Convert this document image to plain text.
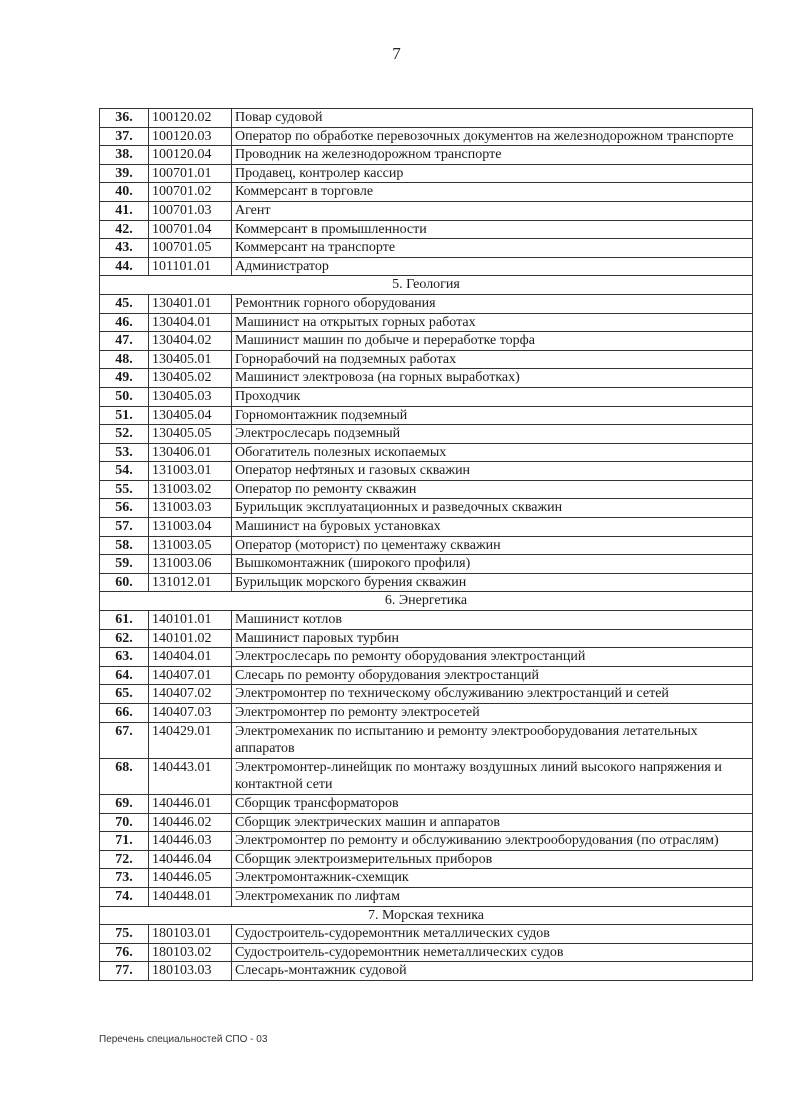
7
36.	100120.02	Повар судовой
37.	100120.03	Оператор по обработке перевозочных документов на железнодорожном транспорте
38.	100120.04	Проводник на железнодорожном транспорте
39.	100701.01	Продавец, контролер кассир
40.	100701.02	Коммерсант в торговле
41.	100701.03	Агент
42.	100701.04	Коммерсант в промышленности
43.	100701.05	Коммерсант на транспорте
44.	101101.01	Администратор
5. Геология		
45.	130401.01	Ремонтник горного оборудования
46.	130404.01	Машинист на открытых горных работах
47.	130404.02	Машинист машин по добыче и переработке торфа
48.	130405.01	Горнорабочий на подземных работах
49.	130405.02	Машинист электровоза (на горных выработках)
50.	130405.03	Проходчик
51.	130405.04	Горномонтажник подземный
52.	130405.05	Электрослесарь подземный
53.	130406.01	Обогатитель полезных ископаемых
54.	131003.01	Оператор нефтяных и газовых скважин
55.	131003.02	Оператор по ремонту скважин
56.	131003.03	Бурильщик эксплуатационных и разведочных скважин
57.	131003.04	Машинист на буровых установках
58.	131003.05	Оператор (моторист) по цементажу скважин
59.	131003.06	Вышкомонтажник (широкого профиля)
60.	131012.01	Бурильщик морского бурения скважин
6. Энергетика		
61.	140101.01	Машинист котлов
62.	140101.02	Машинист паровых турбин
63.	140404.01	Электрослесарь по ремонту оборудования электростанций
64.	140407.01	Слесарь по ремонту оборудования электростанций
65.	140407.02	Электромонтер по техническому обслуживанию электростанций и сетей
66.	140407.03	Электромонтер по ремонту электросетей
67.	140429.01	Электромеханик по испытанию и ремонту электрооборудования летательных аппаратов
68.	140443.01	Электромонтер-линейщик по монтажу воздушных линий высокого напряжения и контактной сети
69.	140446.01	Сборщик трансформаторов
70.	140446.02	Сборщик электрических машин и аппаратов
71.	140446.03	Электромонтер по ремонту и обслуживанию электрооборудования (по отраслям)
72.	140446.04	Сборщик электроизмерительных приборов
73.	140446.05	Электромонтажник-схемщик
74.	140448.01	Электромеханик по лифтам
7. Морская техника		
75.	180103.01	Судостроитель-судоремонтник металлических судов
76.	180103.02	Судостроитель-судоремонтник неметаллических судов
77.	180103.03	Слесарь-монтажник судовой
Перечень специальностей СПО - 03
